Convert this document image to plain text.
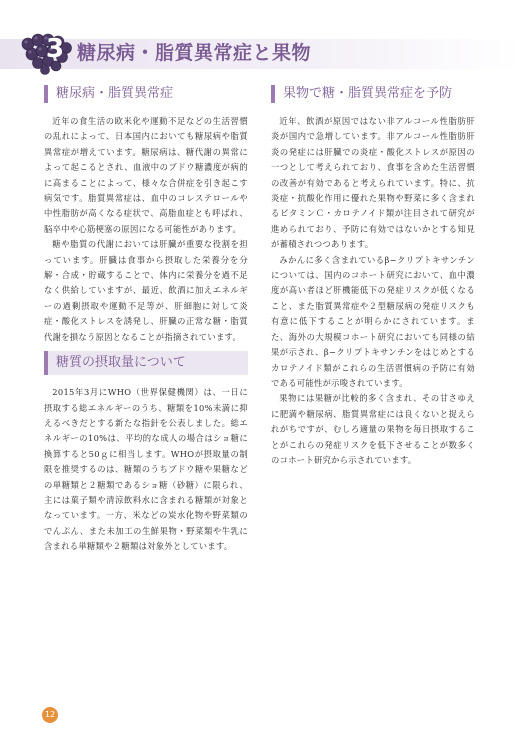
3 糖尿病・脂質異常症と果物
糖尿病・脂質異常症

近年の食生活の欧米化や運動不足などの生活習慣の乱れによって、日本国内においても糖尿病や脂質異常症が増えています。糖尿病は、糖代謝の異常によって起こるとされ、血液中のブドウ糖濃度が病的に高まることによって、様々な合併症を引き起こす病気です。脂質異常症は、血中のコレステロールや中性脂肪が高くなる症状で、高脂血症とも呼ばれ、脳卒中や心筋梗塞の原因になる可能性があります。

糖や脂質の代謝においては肝臓が重要な役割を担っています。肝臓は食事から摂取した栄養分を分解・合成・貯蔵することで、体内に栄養分を過不足なく供給していますが、最近、飲酒に加えエネルギーの過剰摂取や運動不足等が、肝細胞に対して炎症・酸化ストレスを誘発し、肝臓の正常な糖・脂質代謝を損なう原因となることが指摘されています。

糖質の摂取量について

2015年3月にWHO（世界保健機関）は、一日に摂取する総エネルギーのうち、糖類を10%未満に抑えるべきだとする新たな指針を公表しました。総エネルギーの10%は、平均的な成人の場合はショ糖に換算すると50ｇに相当します。WHOが摂取量の制限を推奨するのは、糖類のうちブドウ糖や果糖などの単糖類と２糖類であるショ糖（砂糖）に限られ、主には菓子類や清涼飲料水に含まれる糖類が対象となっています。一方、米などの炭水化物や野菜類のでんぷん、また未加工の生鮮果物・野菜類や牛乳に含まれる単糖類や２糖類は対象外としています。

果物で糖・脂質異常症を予防

近年、飲酒が原因ではない非アルコール性脂肪肝炎が国内で急増しています。非アルコール性脂肪肝炎の発症には肝臓での炎症・酸化ストレスが原因の一つとして考えられており、食事を含めた生活習慣の改善が有効であると考えられています。特に、抗炎症・抗酸化作用に優れた果物や野菜に多く含まれるビタミンＣ・カロテノイド類が注目されて研究が進められており、予防に有効ではないかとする知見が蓄積されつつあります。

みかんに多く含まれているβ−クリプトキサンチンについては、国内のコホート研究において、血中濃度が高い者ほど肝機能低下の発症リスクが低くなること、また脂質異常症や２型糖尿病の発症リスクも有意に低下することが明らかにされています。また、海外の大規模コホート研究においても同様の結果が示され、β−クリプトキサンチンをはじめとするカロテノイド類がこれらの生活習慣病の予防に有効である可能性が示唆されています。

果物には果糖が比較的多く含まれ、その甘さゆえに肥満や糖尿病、脂質異常症には良くないと捉えられがちですが、むしろ適量の果物を毎日摂取することがこれらの発症リスクを低下させることが数多くのコホート研究から示されています。

12
